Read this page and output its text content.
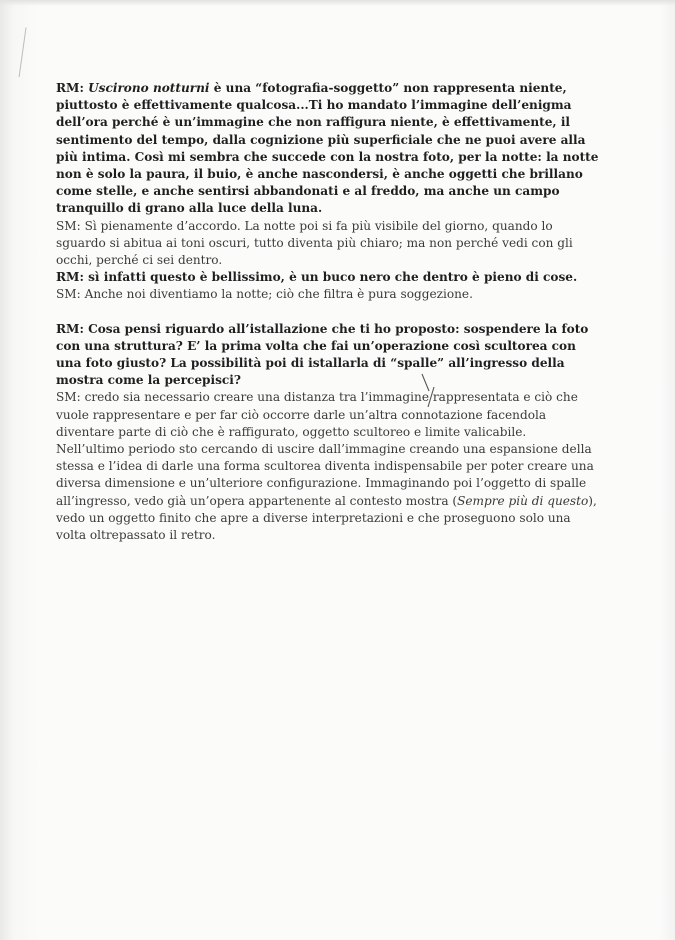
RM: Uscirono notturni è una “fotografia-soggetto” non rappresenta niente, piuttosto è effettivamente qualcosa...Ti ho mandato l’immagine dell’enigma dell’ora perché è un’immagine che non raffigura niente, è effettivamente, il sentimento del tempo, dalla cognizione più superficiale che ne puoi avere alla più intima. Così mi sembra che succede con la nostra foto, per la notte: la notte non è solo la paura, il buio, è anche nascondersi, è anche oggetti che brillano come stelle, e anche sentirsi abbandonati e al freddo, ma anche un campo tranquillo di grano alla luce della luna.

SM: Sì pienamente d’accordo. La notte poi si fa più visibile del giorno, quando lo sguardo si abitua ai toni oscuri, tutto diventa più chiaro; ma non perché vedi con gli occhi, perché ci sei dentro.

RM: sì infatti questo è bellissimo, è un buco nero che dentro è pieno di cose.

SM: Anche noi diventiamo la notte; ciò che filtra è pura soggezione.

RM: Cosa pensi riguardo all’istallazione che ti ho proposto: sospendere la foto con una struttura? E’ la prima volta che fai un’operazione così scultorea con una foto giusto? La possibilità poi di istallarla di “spalle” all’ingresso della mostra come la percepisci?

SM: credo sia necessario creare una distanza tra l’immagine rappresentata e ciò che vuole rappresentare e per far ciò occorre darle un’altra connotazione facendola diventare parte di ciò che è raffigurato, oggetto scultoreo e limite valicabile.

Nell’ultimo periodo sto cercando di uscire dall’immagine creando una espansione della stessa e l’idea di darle una forma scultorea diventa indispensabile per poter creare una diversa dimensione e un’ulteriore configurazione. Immaginando poi l’oggetto di spalle all’ingresso, vedo già un’opera appartenente al contesto mostra (Sempre più di questo), vedo un oggetto finito che apre a diverse interpretazioni e che proseguono solo una volta oltrepassato il retro.
